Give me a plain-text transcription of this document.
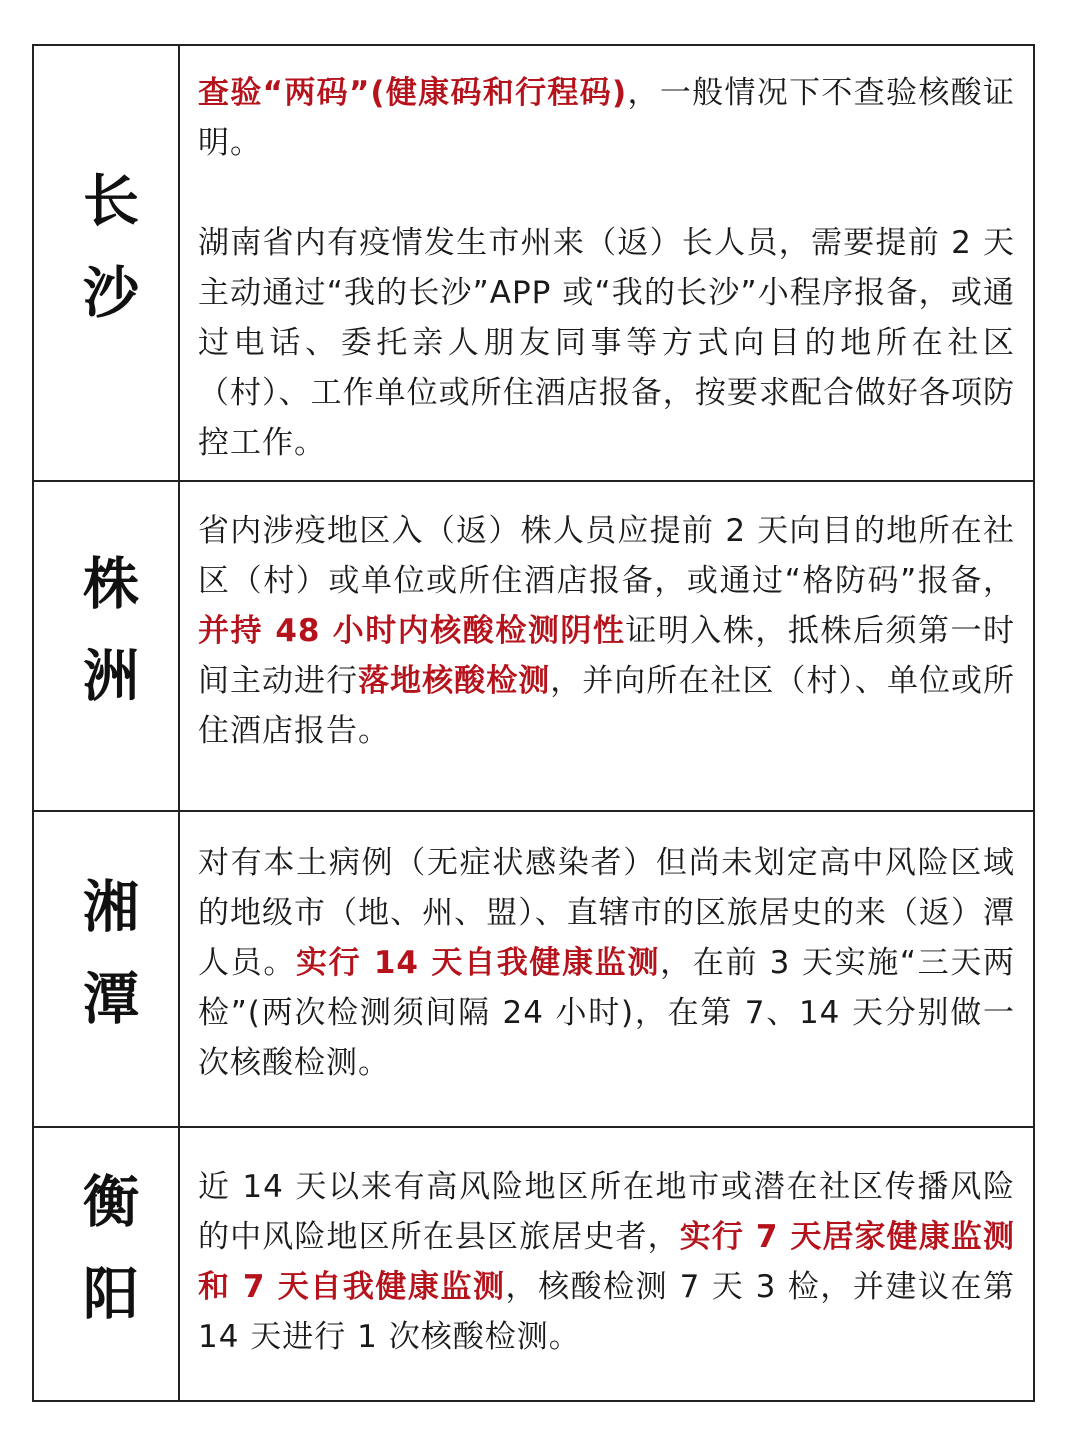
长沙

查验“两码”(健康码和行程码)，一般情况下不查验核酸证明。

湖南省内有疫情发生市州来（返）长人员，需要提前 2 天主动通过“我的长沙”APP 或“我的长沙”小程序报备，或通过电话、委托亲人朋友同事等方式向目的地所在社区（村）、工作单位或所住酒店报备，按要求配合做好各项防控工作。

株洲

省内涉疫地区入（返）株人员应提前 2 天向目的地所在社区（村）或单位或所住酒店报备，或通过“格防码”报备，并持 48 小时内核酸检测阴性证明入株，抵株后须第一时间主动进行落地核酸检测，并向所在社区（村）、单位或所住酒店报告。

湘潭

对有本土病例（无症状感染者）但尚未划定高中风险区域的地级市（地、州、盟）、直辖市的区旅居史的来（返）潭人员。实行 14 天自我健康监测，在前 3 天实施“三天两检”(两次检测须间隔 24 小时)，在第 7、14 天分别做一次核酸检测。

衡阳 近 14 天以来有高风险地区所在地市或潜在社区传播风险的中风险地区所在县区旅居史者，实行 7 天居家健康监测和 7 天自我健康监测，核酸检测 7 天 3 检，并建议在第 14 天进行 1 次核酸检测。
